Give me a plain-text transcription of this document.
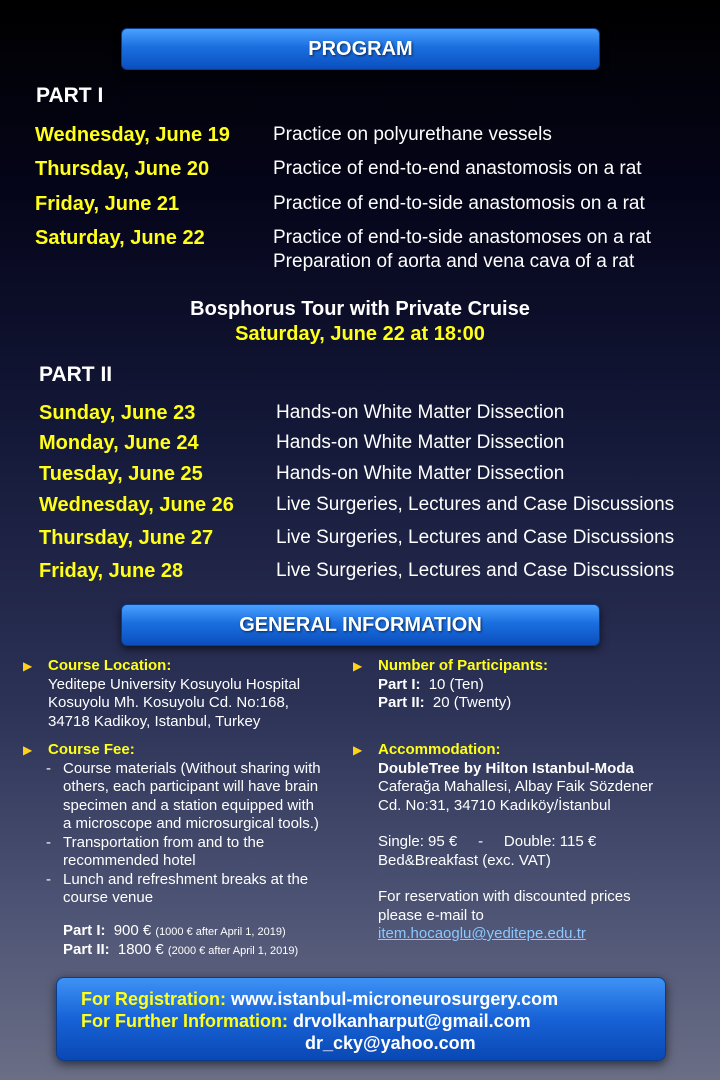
PROGRAM
PART I
Wednesday, June 19 Practice on polyurethane vessels
Thursday, June 20	Practice of end-to-end anastomosis on a rat
Friday, June 21	Practice of end-to-side anastomosis on a rat
Saturday, June 22	Practice of end-to-side anastomoses on a rat
Preparation of aorta and vena cava of a rat
Bosphorus Tour with Private Cruise
Saturday, June 22 at 18:00
PART II
Sunday, June 23	Hands-on White Matter Dissection
Monday, June 24	Hands-on White Matter Dissection
Tuesday, June 25	Hands-on White Matter Dissection
Wednesday, June 26 Live Surgeries, Lectures and Case Discussions
Thursday, June 27	Live Surgeries, Lectures and Case Discussions
Friday, June 28	Live Surgeries, Lectures and Case Discussions
GENERAL INFORMATION
▶ Course Location:
Yeditepe University Kosuyolu Hospital
Kosuyolu Mh. Kosuyolu Cd. No:168,
34718 Kadikoy, Istanbul, Turkey
▶ Course Fee:
- Course materials (Without sharing with
others, each participant will have brain
specimen and a station equipped with
a microscope and microsurgical tools.)
- Transportation from and to the
recommended hotel
- Lunch and refreshment breaks at the
course venue
Part I: 900 € (1000 € after April 1, 2019)
Part II: 1800 € (2000 € after April 1, 2019)
▶ Number of Participants:
Part I: 10 (Ten)
Part II: 20 (Twenty)
▶ Accommodation:
DoubleTree by Hilton Istanbul-Moda
Caferağa Mahallesi, Albay Faik Sözdener
Cd. No:31, 34710 Kadıköy/İstanbul
Single: 95 €     -     Double: 115 €
Bed&Breakfast (exc. VAT)
For reservation with discounted prices
please e-mail to
item.hocaoglu@yeditepe.edu.tr
For Registration: www.istanbul-microneurosurgery.com
For Further Information: drvolkanharput@gmail.com
dr_cky@yahoo.com
